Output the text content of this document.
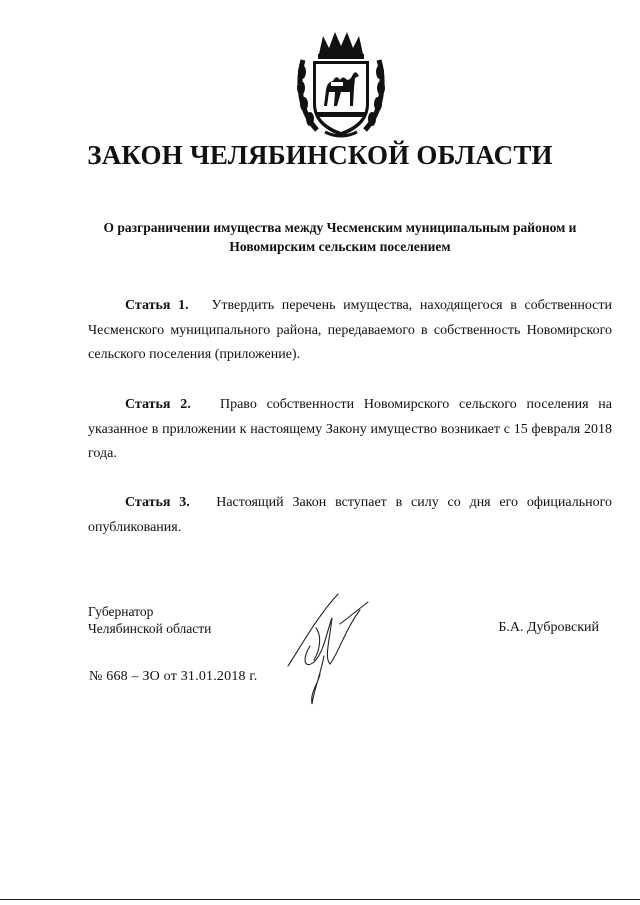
ЗАКОН ЧЕЛЯБИНСКОЙ ОБЛАСТИ
О разграничении имущества между Чесменским муниципальным районом и
Новомирским сельским поселением

Статья 1. Утвердить перечень имущества, находящегося в собственности Чесменского муниципального района, передаваемого в собственность Новомирского сельского поселения (приложение).

Статья 2. Право собственности Новомирского сельского поселения на указанное в приложении к настоящему Закону имущество возникает с 15 февраля 2018 года.

Статья 3. Настоящий Закон вступает в силу со дня его официального опубликования.

Губернатор
Челябинской области	Б.А. Дубровский
№ 668 – ЗО от 31.01.2018 г.
